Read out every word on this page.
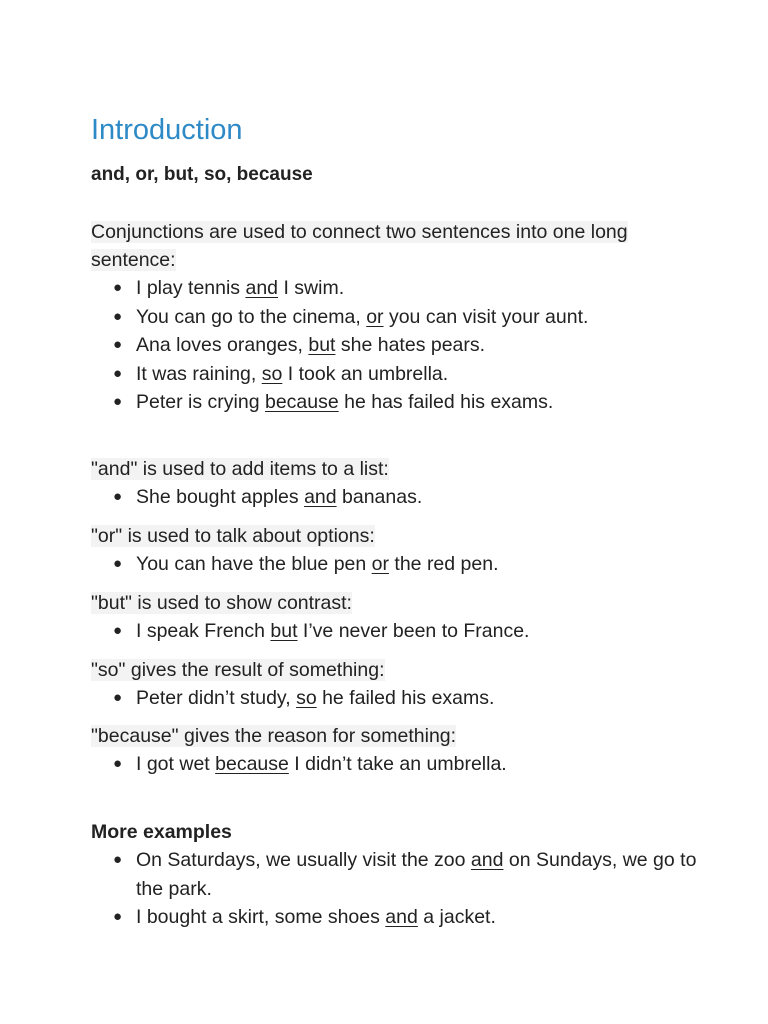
Introduction
and, or, but, so, because

Conjunctions are used to connect two sentences into one long sentence:

● I play tennis and I swim.
● You can go to the cinema, or you can visit your aunt.
● Ana loves oranges, but she hates pears.
● It was raining, so I took an umbrella.
● Peter is crying because he has failed his exams.

"and" is used to add items to a list:

● She bought apples and bananas.

"or" is used to talk about options:

● You can have the blue pen or the red pen.

"but" is used to show contrast:

● I speak French but I’ve never been to France.

"so" gives the result of something:

● Peter didn’t study, so he failed his exams.

"because" gives the reason for something:

● I got wet because I didn’t take an umbrella.

More examples

● On Saturdays, we usually visit the zoo and on Sundays, we go to the park.
● I bought a skirt, some shoes and a jacket.
